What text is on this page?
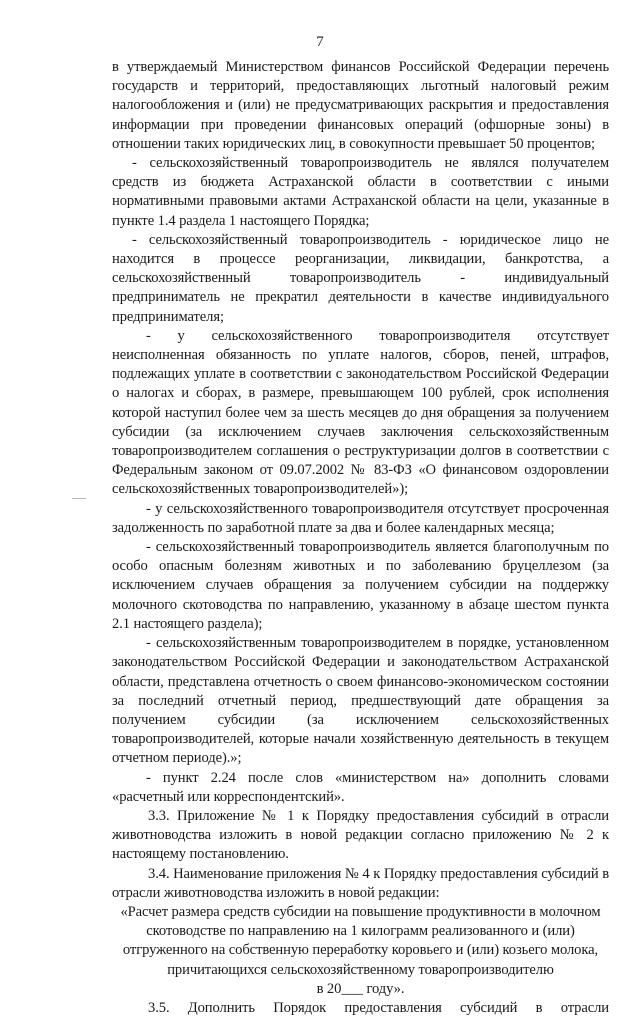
7

в утверждаемый Министерством финансов Российской Федерации перечень государств и территорий, предоставляющих льготный налоговый режим налогообложения и (или) не предусматривающих раскрытия и предоставления информации при проведении финансовых операций (офшорные зоны) в отношении таких юридических лиц, в совокупности превышает 50 процентов;

- сельскохозяйственный товаропроизводитель не являлся получателем средств из бюджета Астраханской области в соответствии с иными нормативными правовыми актами Астраханской области на цели, указанные в пункте 1.4 раздела 1 настоящего Порядка;

- сельскохозяйственный товаропроизводитель - юридическое лицо не находится в процессе реорганизации, ликвидации, банкротства, а сельскохозяйственный товаропроизводитель - индивидуальный предприниматель не прекратил деятельности в качестве индивидуального предпринимателя;

- у сельскохозяйственного товаропроизводителя отсутствует неисполненная обязанность по уплате налогов, сборов, пеней, штрафов, подлежащих уплате в соответствии с законодательством Российской Федерации о налогах и сборах, в размере, превышающем 100 рублей, срок исполнения которой наступил более чем за шесть месяцев до дня обращения за получением субсидии (за исключением случаев заключения сельскохозяйственным товаропроизводителем соглашения о реструктуризации долгов в соответствии с Федеральным законом от 09.07.2002 № 83-ФЗ «О финансовом оздоровлении сельскохозяйственных товаропроизводителей»);

- у сельскохозяйственного товаропроизводителя отсутствует просроченная задолженность по заработной плате за два и более календарных месяца;

- сельскохозяйственный товаропроизводитель является благополучным по особо опасным болезням животных и по заболеванию бруцеллезом (за исключением случаев обращения за получением субсидии на поддержку молочного скотоводства по направлению, указанному в абзаце шестом пункта 2.1 настоящего раздела);

- сельскохозяйственным товаропроизводителем в порядке, установленном законодательством Российской Федерации и законодательством Астраханской области, представлена отчетность о своем финансово-экономическом состоянии за последний отчетный период, предшествующий дате обращения за получением субсидии (за исключением сельскохозяйственных товаропроизводителей, которые начали хозяйственную деятельность в текущем отчетном периоде).»;

- пункт 2.24 после слов «министерством на» дополнить словами «расчетный или корреспондентский».

3.3. Приложение № 1 к Порядку предоставления субсидий в отрасли животноводства изложить в новой редакции согласно приложению № 2 к настоящему постановлению.

3.4. Наименование приложения № 4 к Порядку предоставления субсидий в отрасли животноводства изложить в новой редакции:

«Расчет размера средств субсидии на повышение продуктивности в молочном скотоводстве по направлению на 1 килограмм реализованного и (или) отгруженного на собственную переработку коровьего и (или) козьего молока, причитающихся сельскохозяйственному товаропроизводителю

в 20___ году».

3.5. Дополнить Порядок предоставления субсидий в отрасли
